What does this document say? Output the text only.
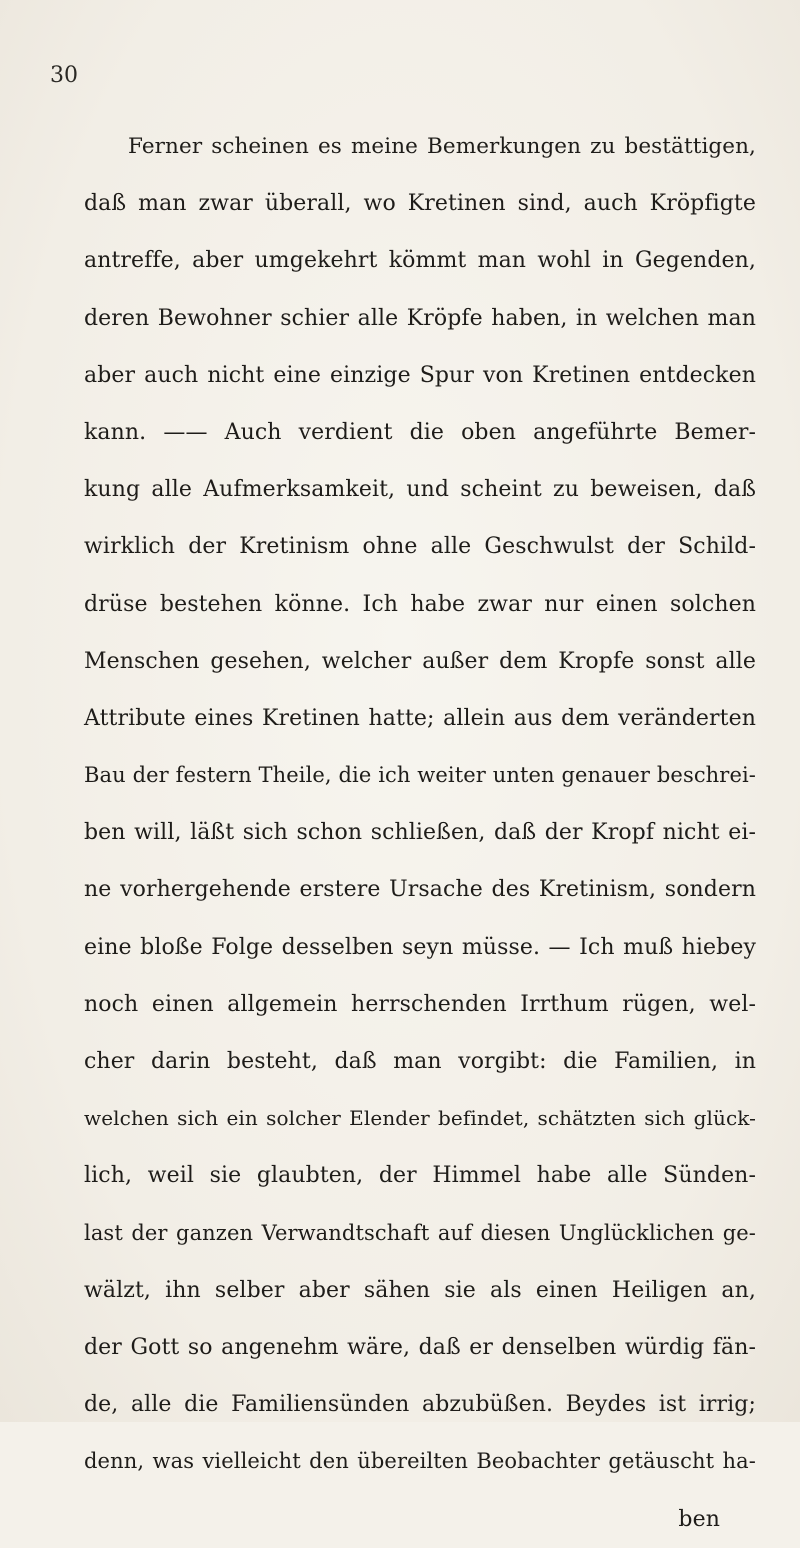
30
Ferner scheinen es meine Bemerkungen zu bestättigen,
daß man zwar überall, wo Kretinen sind, auch Kröpfigte
antreffe, aber umgekehrt kömmt man wohl in Gegenden,
deren Bewohner schier alle Kröpfe haben, in welchen man
aber auch nicht eine einzige Spur von Kretinen entdecken
kann. —— Auch verdient die oben angeführte Bemer-
kung alle Aufmerksamkeit, und scheint zu beweisen, daß
wirklich der Kretinism ohne alle Geschwulst der Schild-
drüse bestehen könne. Ich habe zwar nur einen solchen
Menschen gesehen, welcher außer dem Kropfe sonst alle
Attribute eines Kretinen hatte; allein aus dem veränderten
Bau der festern Theile, die ich weiter unten genauer beschrei-
ben will, läßt sich schon schließen, daß der Kropf nicht ei-
ne vorhergehende erstere Ursache des Kretinism, sondern
eine bloße Folge desselben seyn müsse. — Ich muß hiebey
noch einen allgemein herrschenden Irrthum rügen, wel-
cher darin besteht, daß man vorgibt: die Familien, in
welchen sich ein solcher Elender befindet, schätzten sich glück-
lich, weil sie glaubten, der Himmel habe alle Sünden-
last der ganzen Verwandtschaft auf diesen Unglücklichen ge-
wälzt, ihn selber aber sähen sie als einen Heiligen an,
der Gott so angenehm wäre, daß er denselben würdig fän-
de, alle die Familiensünden abzubüßen. Beydes ist irrig;
denn, was vielleicht den übereilten Beobachter getäuscht ha-
ben
